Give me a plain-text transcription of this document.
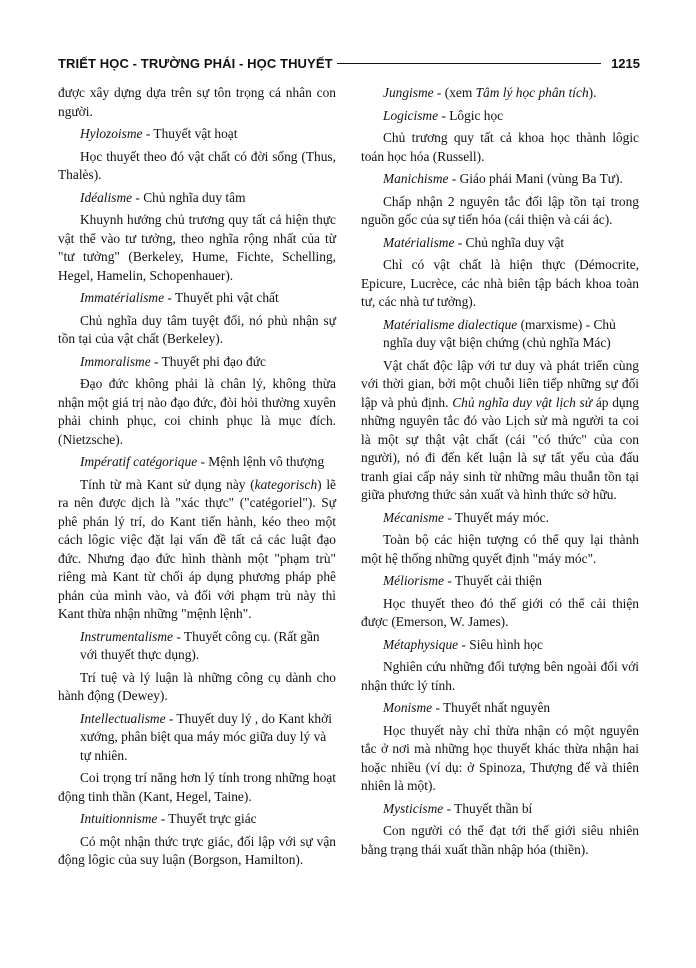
TRIẾT HỌC - TRƯỜNG PHÁI - HỌC THUYẾT	1215

được xây dựng dựa trên sự tôn trọng cá nhân con người.

Hylozoisme - Thuyết vật hoạt

Học thuyết theo đó vật chất có đời sống (Thus, Thalès).

Idéalisme - Chủ nghĩa duy tâm

Khuynh hướng chủ trương quy tất cả hiện thực vật thể vào tư tưởng, theo nghĩa rộng nhất của từ "tư tưởng" (Berkeley, Hume, Fichte, Schelling, Hegel, Hamelin, Schopenhauer).

Immatérialisme - Thuyết phi vật chất

Chủ nghĩa duy tâm tuyệt đối, nó phủ nhận sự tồn tại của vật chất (Berkeley).

Immoralisme - Thuyết phi đạo đức

Đạo đức không phải là chân lý, không thừa nhận một giá trị nào đạo đức, đòi hỏi thường xuyên phải chinh phục, coi chinh phục là mục đích. (Nietzsche).

Impératif catégorique - Mệnh lệnh vô thượng

Tính từ mà Kant sử dụng này (kategorisch) lẽ ra nên được dịch là "xác thực" ("catégoriel"). Sự phê phán lý trí, do Kant tiến hành, kéo theo một cách lôgic việc đặt lại vấn đề tất cả các luật đạo đức. Nhưng đạo đức hình thành một "phạm trù" riêng mà Kant từ chối áp dụng phương pháp phê phán của mình vào, và đối với phạm trù này thì Kant thừa nhận những "mệnh lệnh".

Instrumentalisme - Thuyết công cụ. (Rất gần với thuyết thực dụng).

Trí tuệ và lý luận là những công cụ dành cho hành động (Dewey).

Intellectualisme - Thuyết duy lý , do Kant khởi xướng, phân biệt qua máy móc giữa duy lý và tự nhiên.

Coi trọng trí năng hơn lý tính trong những hoạt động tinh thần (Kant, Hegel, Taine).

Intuitionnisme - Thuyết trực giác

Có một nhận thức trực giác, đối lập với sự vận động lôgic của suy luận (Borgson, Hamilton).

Jungisme - (xem Tâm lý học phân tích).

Logicisme - Lôgic học

Chủ trương quy tất cả khoa học thành lôgic toán học hóa (Russell).

Manichisme - Giáo phái Mani (vùng Ba Tư).

Chấp nhận 2 nguyên tắc đối lập tồn tại trong nguồn gốc của sự tiến hóa (cái thiện và cái ác).

Matérialisme - Chủ nghĩa duy vật

Chỉ có vật chất là hiện thực (Démocrite, Epicure, Lucrèce, các nhà biên tập bách khoa toàn tư, các nhà tư tưởng).

Matérialisme dialectique (marxisme) - Chủ nghĩa duy vật biện chứng (chủ nghĩa Mác)

Vật chất độc lập với tư duy và phát triển cùng với thời gian, bởi một chuỗi liên tiếp những sự đối lập và phủ định. Chủ nghĩa duy vật lịch sử áp dụng những nguyên tắc đó vào Lịch sử mà người ta coi là một sự thật vật chất (cái "có thức" của con người), nó đi đến kết luận là sự tất yếu của đấu tranh giai cấp nảy sinh từ những mâu thuẫn tồn tại giữa phương thức sản xuất và hình thức sở hữu.

Mécanisme - Thuyết máy móc.

Toàn bộ các hiện tượng có thể quy lại thành một hệ thống những quyết định "máy móc".

Méliorisme - Thuyết cải thiện

Học thuyết theo đó thế giới có thể cải thiện được (Emerson, W. James).

Métaphysique - Siêu hình học

Nghiên cứu những đối tượng bên ngoài đối với nhận thức lý tính.

Monisme - Thuyết nhất nguyên

Học thuyết này chỉ thừa nhận có một nguyên tắc ở nơi mà những học thuyết khác thừa nhận hai hoặc nhiều (ví dụ: ở Spinoza, Thượng đế và thiên nhiên là một).

Mysticisme - Thuyết thần bí

Con người có thể đạt tới thế giới siêu nhiên bằng trạng thái xuất thần nhập hóa (thiền).
